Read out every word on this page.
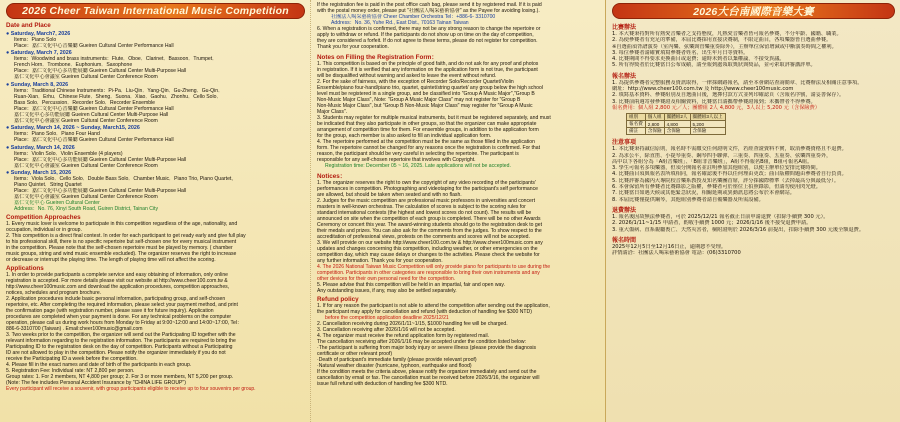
2026 Cheer Taiwan International Music Competition
Date and Place
● Saturday, March7, 2026
Items：Piano Solo
Place：嘉仁文化中心音樂廳 Gueiren Cultural Center Performance Hall
● Saturday, March 7, 2026
Items：Woodwind and brass instruments：Flute．Oboe．Clarinet．Bassoon．Trumpet．
French Horn．Trombone．Euphonium．Saxophone
Place：嘉仁文化中心多功能展廳 Gueiren Cultural Center Multi-Purpose Hall
嘉仁文化中心會議室 Gueiren Cultural Center Conference Room
● Sunday, March 8, 2026
Items：Traditional Chinese Instruments：Pi-Pa．Liu-Qin．Yang-Qin．Gu-Zheng．Gu-Qin．
Ruan-Xian．Erhu．Chinese Flute．Sheng．Suona．Xiao．Gaohu．Zhonhu．Cello Solo．
Bass Solo．Percussion．Recorder Solo．Recorder Ensemble
Place：嘉仁文化中心音樂廳 Gueiren Cultural Center Performance Hall
嘉仁文化中心多功能展廳 Gueiren Cultural Center Multi-Purpose Hall
嘉仁文化中心會議室 Gueiren Cultural Center Conference Room
● Saturday, March 14, 2026 ~ Sunday, March15, 2026
Items：Piano Solo．Piano Four Hand
Place：嘉仁文化中心音樂廳 Gueiren Cultural Center Performance Hall
● Saturday, March 14, 2026
Items：Violin Solo．Violin Ensemble (4 players)
Place：嘉仁文化中心多功能展廳 Gueiren Cultural Center Multi-Purpose Hall
嘉仁文化中心會議室 Gueiren Cultural Center Conference Room
● Sunday, March 15, 2026
Items：Viola Solo．Cello Solo．Double Bass Solo．Chamber Music．Piano Trio, Piano Quartet,
Piano Quintet．String Quartet
Place：嘉仁文化中心多功能展廳 Gueiren Cultural Center Multi-Purpose Hall
嘉仁文化中心會議室 Gueiren Cultural Center Conference Room
嘉仁文化中心 Gueiren Cultural Center
Address：No. 76, Xinyi South Road, Guiren District, Tainan City
Competition Approaches
1. Every music lover is welcome to participate in this competition regardless of the age, nationality, and
occupation, individual or in group.
2. This competition is a direct final contest. In order for each participant to get ready early and give full play
to his professional skill, there is no specific repertoire but self-chosen one for every musical instrument
in the competition. Please note that the self-chosen repertoire must be played by memory. ( chamber
music groups, string and wind music ensemble excluded). The organizer reserves the right to increase
or decrease or interrupt the playing time. The length of playing time will not affect the scoring.
Applications
1. In order to provide participants a complete service and easy obtaining of information, only online
registration is accepted. For more details please visit our website at http://www.cheer100.com.tw &
http://www.cheer100music.com and download the application procedures, competition approaches,
notices, schedules and program brochure.
2. Application procedures include basic personal information, participating group, and self-chosen
repertoire, etc. After completing the required information, please select your payment method, and print
the confirmation page (with registration number, please save it for future inquiry). Application
procedures are completed when your payment is done. For any technical problems on the computer
operation, please call us during work hours from Monday to Friday at 9:00~12:00 and 14:00~17:00, Tel：
886-6-3310700 (Taiwan) . Email:cheer100music@gmail.com
3. Two weeks prior to the competition, the organizer will send out the Participating ID together with the
relevant information regarding to the registration information. The participants are required to bring the
Participating ID to the registration desk on the day of competition. Participants without a Participating
ID are not allowed to play in the competition. Please notify the organizer immediately if you do not
receive the Participating ID a week before the competition.
4. Please fill in the exact names and date of birth of the participants in each group.
5. Registration Fee: Individual rate: NT 2,800 per person.
Group rates: 1. For 2 members, NT 4,800 per group; 2. For 3 or more members, NT 5,200 per group.
(Note: The fee includes Personal Accident Insurance by "CHINA LIFE GROUP")
Every participant will receive a souvenir, with group participants eligible to receive up to four souvenirs per group.
If the registration fee is paid in the post office cash bag, please send it by registered mail. If it is paid
with the postal money order, please put "社團法人喝采藝術協會" as the Payee for avoiding losing.).
社團法人喝采藝術協會 Cheer Chamber Orchestra Tel：+886-6- 3310700
Address：No. 36, Yuhe Rd., East Dist., 70163 Tainan Taiwan
6. When a registration is confirmed, there may not be any strong reason to change the repertoire or
apply to withdraw or refund. If the participants do not show up on time on the day of competition,
they are considered a forfeit. If do not agree to these terms, please do not register for competition.
Thank you for your cooperation.
Notes on Filling the Registration Form：
1. This competition is based on the principle of good faith, and do not ask for any proof and photos
in registration. If it is verified that any information on the application form is not true, the participant
will be disqualified without warning and asked to leave the event without refund.
2. For the sake of fairness, with the exception of Recorder Solo/Recorder Quartet/Violin
Ensemble/piano four-hand/piano trio, quartet, quintet/string quartet/ any group below the high school
level must be registered in a single group, and be classified into "Group A Music Major","Group B
Non-Music Major Class", Note: "Group A Music Major Class" may not register for "Group B
Non-Music Major Class", but "Group B Non-Music Major Class" may register for "Group A Music
Major Class".
3. Students may register for multiple musical instruments, but it must be registered separately, and must
be indicated that they also participate in other groups, so that the organizer can make appropriate
arrangement of competition time for them. For ensemble groups, in addition to the application form
for the group, each member is also asked to fill an individual application form.
4. The repertoire performed at the competition must be the same as those filled in the application
form. The repertoire cannot be changed for any reasons once the registration is confirmed. For that
reason, the participant should be very careful in selecting the repertoire. The participant is
responsible for any self-chosen repertoire that involves with Copyright.
Registration time: December 05 ~ 16, 2025. Late applications will not be accepted.
Notices：
1. The organizer reserves the right to own the copyright of any video recording of the participants'
performances in competition. Photographing and videotaping for the participant's self performance
are allowed, but should be taken when seated and with no flash.
2. Judges for the music competition are professional music professors in universities and concert
masters in well-known orchestras. The calculation of scores is subject to the scoring rules for
standard international contests (the highest and lowest scores do not count). The results will be
announced on site when the competition of each group is completed. There will be no other Awards
Ceremony or concert this year. The award-winning students should go to the registration desk to get
their medals and prizes. You can also ask for the comments from the judges. To show respect to the
accreditation of professional views, protests on the comments and scores will not be accepted.
3. We will provide on our website http://www.cheer100.com.tw & http://www.cheer100music.com any
updates and changes concerning this competition, including weather, or other emergencies on the
competition day, which may cause delays or changes to the activities. Please check the website for
any further information. Thank you for your cooperation.
4. The 2026 National Taiwan Music Competition will only provide piano for participants to use during the
competition. Participants in other categories are responsible to bring their own instruments and any
other devices for their own personal need for the competition.
5. Please advise that this competition will be held in an impartial, fair and open way.
Any outstanding issues, if any, may also be settled separately.
Refund policy
1. If for any reason the participant is not able to attend the competition after sending out the application,
the participant may apply for cancellation and refund (with deduction of handling fee $300 NTD)
before the competition application deadline 2025/12/21
2. Cancellation receiving during 2026/1/11~1/15, $1000 handling fee will be charged.
3. Cancellation receiving after 2026/1/16 will not be accepted.
4. The organizer must receive the refund application form by registered mail.
The cancellation receiving after 2026/1/16 may be accepted under the condition listed below:
·The participant is suffering from major body injury or severe illness (please provide the diagnosis
certificate or other relevant proof)
·Death of participant's immediate family (please provide relevant proof)
·Natural weather disaster (hurricane, typhoon, earthquake and flood)
If the condition meets the criteria above, please notify the organizer immediately and send out the
cancellation by email or fax. The cancellation must be received before 2026/3/16, the organizer will
issue full refund with deduction of handling fee $300 NTD.
2026大台南國際音樂大賽
比賽辦法
1. 本大賽秉持對所有熱愛音樂者之支持態度，凡熱愛音樂者皆可報名參賽，不分年齡、國籍、職業。
2. 為使參賽者有充足的準備，本屆比賽採用直接決賽制，不限定曲目，各項樂器皆自選曲參賽。
※自選曲須背譜演奏（室內樂、弦樂與管樂重奏除外），主辦單位保留增減或中斷演奏時間之權利。
3. 每位參賽者請確實填寫參賽者姓名、出生年月日等資料。
4. 比賽期間不得要求更換曲目或退費；逾時未到者以棄權論，不接受異議。
5. 所有得獎者於比賽當日公布成績，請至報到處領取獎狀與獎品，並可索取評審講評單。
報名辦法
1. 為提供參賽者完整服務及資訊取得，一律採網路報名，請至本會網站查詢簡章、比賽辦法及相關注意事項。
網址：http://www.cheer100.com.tw 及 http://www.cheer100music.com
2. 填寫基本資料、參賽組別及自選曲目後，選擇付款方式並列印確認頁（含報名序號，請妥善保存）。
3. 比賽前兩週寄發參賽證及相關資料，比賽當日請攜帶參賽證報到；未攜帶者不得參賽。
報名費用：個人組 2,800 元／人；團體組 2人 4,800 元，3人以上 5,200 元（含保險費）
組別	個人組	團體組2人	團體組3人以上
報名費	2,800	4,800	5,200
備註	含保險	含保險	含保險
注意事項
1. 本比賽秉持誠信原則，報名時不需繳交任何證明文件，若經查證資料不實，取消參賽資格且不退費。
2. 為求公平，除直笛、小提琴重奏、鋼琴四手聯彈、三重奏、四重奏、五重奏、弦樂四重奏外，
高中以下各組分為「A組音樂班」、「B組非音樂班」，A組不得報名B組，B組可報名A組。
3. 學生可報名多項樂器，但須分開報名並註明參加其他組別，以便主辦單位安排比賽時間。
4. 比賽曲目須與報名表所填相同，報名確認後不得以任何理由更改；曲目版權問題由參賽者自行負責。
5. 比賽評審為國內大專院校音樂系教授及知名樂團首席，評分採國際標準（去掉最高分與最低分）。
6. 本會保留所有參賽者比賽錄影之版權，參賽者可於座位上拍照錄影，但請勿使用閃光燈。
7. 比賽當日如遇天候或其他緊急狀況，相關延期或異動訊息將公布於本會網站。
8. 本屆比賽僅提供鋼琴，其他組別參賽者請自備樂器及所需設備。
退費辦法
1. 報名後因故無法參賽者，可於 2025/12/21 報名截止日前申請退費（扣除手續費 300 元）。
2. 2026/1/11~1/15 申請者，酌收手續費 1000 元；2026/1/16 後不接受退費申請。
3. 重大傷病、直系親屬喪亡、天然災害者，檢附證明於 2026/3/16 前提出，扣除手續費 300 元後全額退費。
報名時間
2025年12月5日至12月16日止，逾期恕不受理。
詳情請洽：社團法人喝采藝術協會 電話：(06)3310700
